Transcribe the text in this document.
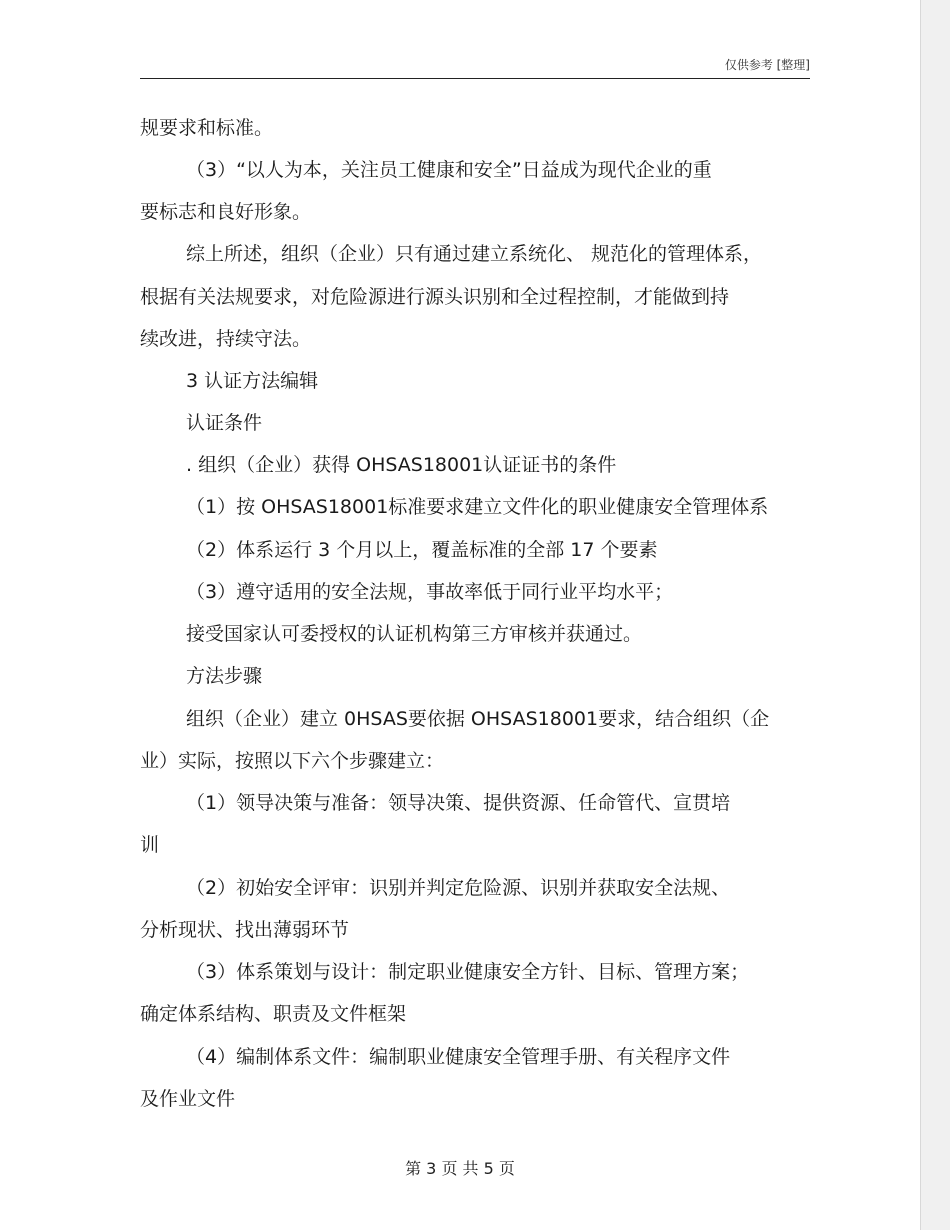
仅供参考 [整理]
规要求和标准。
（3）“以人为本，关注员工健康和安全”日益成为现代企业的重
要标志和良好形象。
综上所述，组织（企业）只有通过建立系统化、 规范化的管理体系，
根据有关法规要求，对危险源进行源头识别和全过程控制，才能做到持
续改进，持续守法。
3 认证方法编辑
认证条件
. 组织（企业）获得 OHSAS18001认证证书的条件
（1）按 OHSAS18001标准要求建立文件化的职业健康安全管理体系
（2）体系运行 3 个月以上，覆盖标准的全部 17 个要素
（3）遵守适用的安全法规，事故率低于同行业平均水平；
接受国家认可委授权的认证机构第三方审核并获通过。
方法步骤
组织（企业）建立 0HSAS要依据 OHSAS18001要求，结合组织（企
业）实际，按照以下六个步骤建立：
（1）领导决策与准备：领导决策、提供资源、任命管代、宣贯培
训
（2）初始安全评审：识别并判定危险源、识别并获取安全法规、
分析现状、找出薄弱环节
（3）体系策划与设计：制定职业健康安全方针、目标、管理方案；
确定体系结构、职责及文件框架
（4）编制体系文件：编制职业健康安全管理手册、有关程序文件
及作业文件
第 3 页 共 5 页
